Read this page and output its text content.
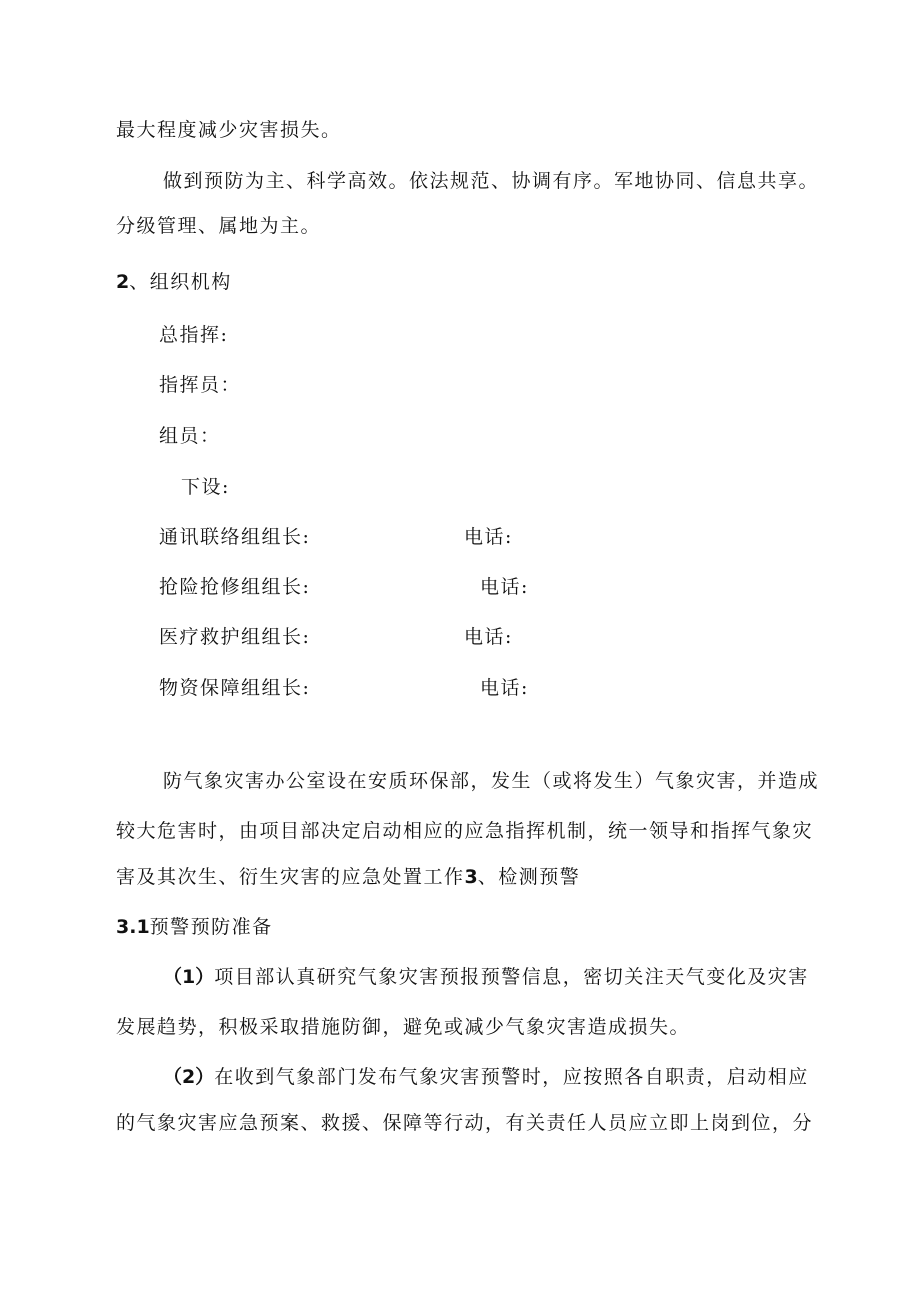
最大程度减少灾害损失。
做到预防为主、科学高效。依法规范、协调有序。军地协同、信息共享。
分级管理、属地为主。
2、组织机构
总指挥:
指挥员：
组员：
下设:
通讯联络组组长:	电话:
抢险抢修组组长:	电话:
医疗救护组组长:	电话:
物资保障组组长:	电话:
防气象灾害办公室设在安质环保部，发生（或将发生）气象灾害，并造成
较大危害时，由项目部决定启动相应的应急指挥机制，统一领导和指挥气象灾
害及其次生、衍生灾害的应急处置工作3、检测预警
3.1预警预防准备
（1）项目部认真研究气象灾害预报预警信息，密切关注天气变化及灾害
发展趋势，积极采取措施防御，避免或减少气象灾害造成损失。
（2）在收到气象部门发布气象灾害预警时，应按照各自职责，启动相应
的气象灾害应急预案、救援、保障等行动，有关责任人员应立即上岗到位，分
